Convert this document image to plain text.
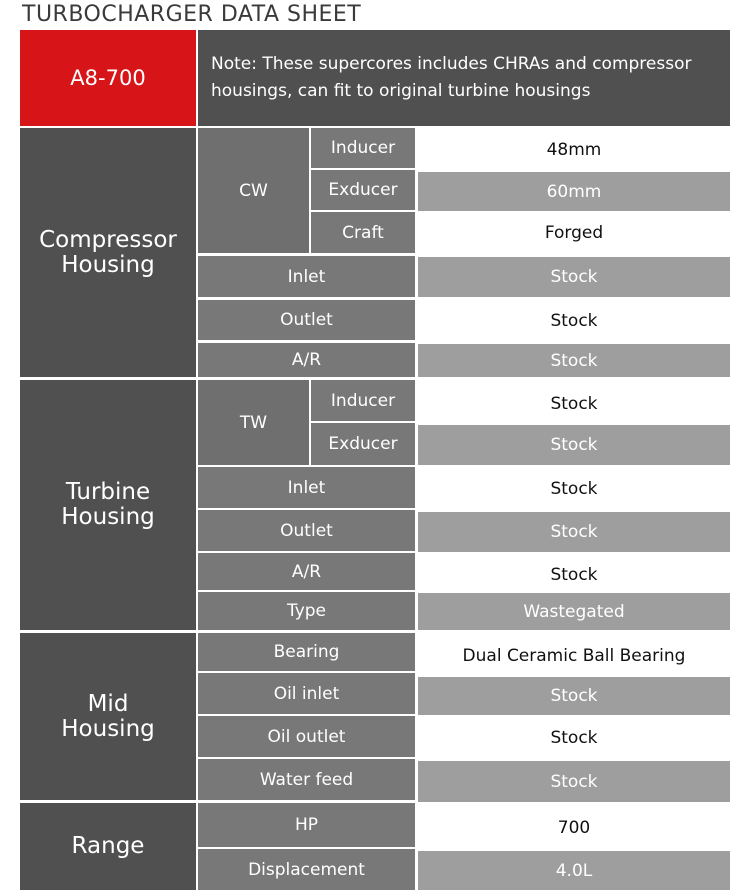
TURBOCHARGER DATA SHEET
A8-700
Note: These supercores includes CHRAs and compressor housings, can fit to original turbine housings
Compressor
Housing
CW
Inducer	48mm
Exducer	60mm
Craft	Forged
Inlet	Stock
Outlet	Stock
A/R	Stock
Turbine
Housing
TW
Inducer	Stock
Exducer	Stock
Inlet	Stock
Outlet	Stock
A/R	Stock
Type	Wastegated
Mid
Housing
Bearing	Dual Ceramic Ball Bearing
Oil inlet	Stock
Oil outlet	Stock
Water feed	Stock
Range
HP	700
Displacement	4.0L
